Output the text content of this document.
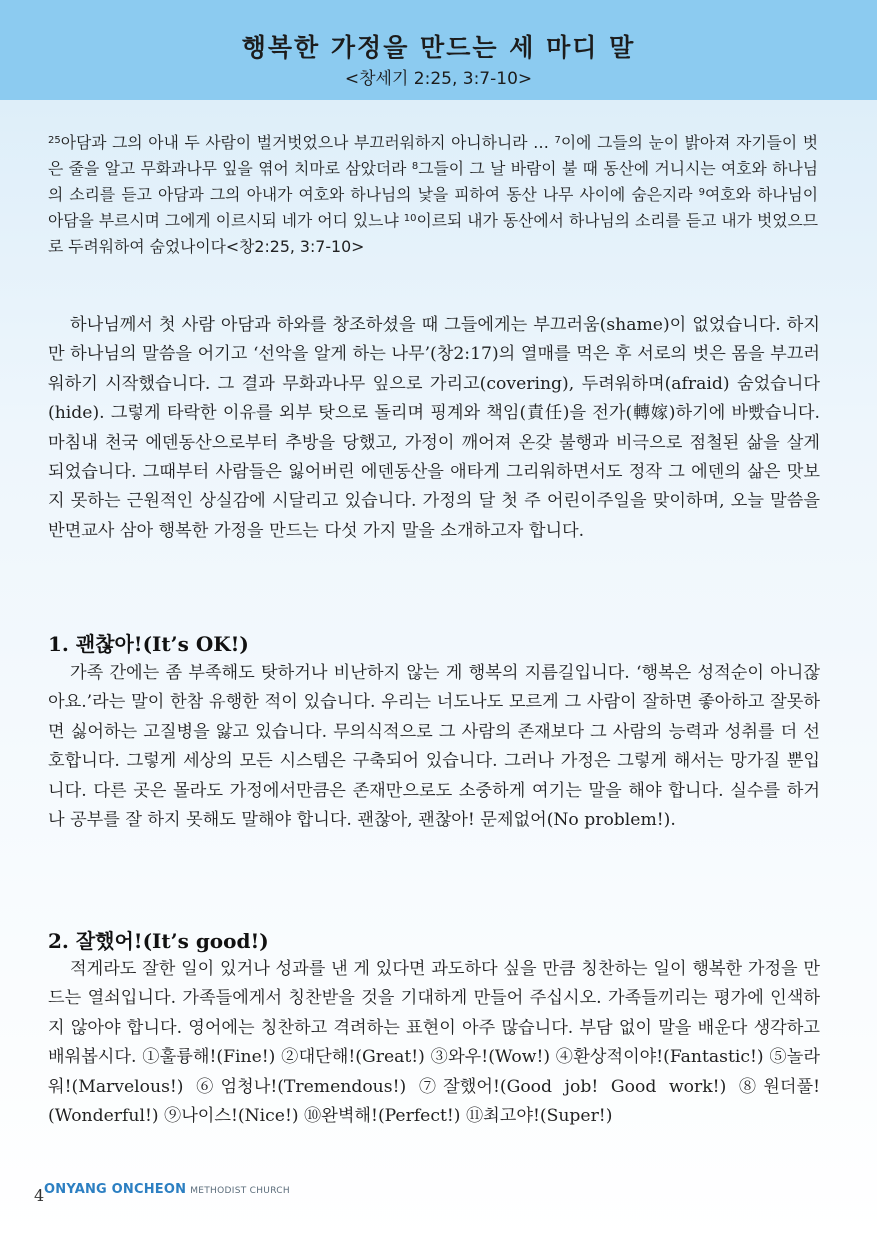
행복한 가정을 만드는 세 마디 말
<창세기 2:25, 3:7-10>
$^{25}$아담과 그의 아내 두 사람이 벌거벗었으나 부끄러워하지 아니하니라 … $^7$이에 그들의 눈이 밝아져 자기들이 벗은 줄을 알고 무화과나무 잎을 엮어 치마로 삼았더라 $^8$그들이 그 날 바람이 불 때 동산에 거니시는 여호와 하나님의 소리를 듣고 아담과 그의 아내가 여호와 하나님의 낯을 피하여 동산 나무 사이에 숨은지라 $^9$여호와 하나님이 아담을 부르시며 그에게 이르시되 네가 어디 있느냐 $^{10}$이르되 내가 동산에서 하나님의 소리를 듣고 내가 벗었으므로 두려워하여 숨었나이다<창2:25, 3:7-10>
하나님께서 첫 사람 아담과 하와를 창조하셨을 때 그들에게는 부끄러움(shame)이 없었습니다. 하지만 하나님의 말씀을 어기고 ‘선악을 알게 하는 나무’(창2:17)의 열매를 먹은 후 서로의 벗은 몸을 부끄러워하기 시작했습니다. 그 결과 무화과나무 잎으로 가리고(covering), 두려워하며(afraid) 숨었습니다(hide). 그렇게 타락한 이유를 외부 탓으로 돌리며 핑계와 책임(責任)을 전가(轉嫁)하기에 바빴습니다. 마침내 천국 에덴동산으로부터 추방을 당했고, 가정이 깨어져 온갖 불행과 비극으로 점철된 삶을 살게 되었습니다. 그때부터 사람들은 잃어버린 에덴동산을 애타게 그리워하면서도 정작 그 에덴의 삶은 맛보지 못하는 근원적인 상실감에 시달리고 있습니다. 가정의 달 첫 주 어린이주일을 맞이하며, 오늘 말씀을 반면교사 삼아 행복한 가정을 만드는 다섯 가지 말을 소개하고자 합니다.
1. 괜찮아!(It’s OK!)
가족 간에는 좀 부족해도 탓하거나 비난하지 않는 게 행복의 지름길입니다. ‘행복은 성적순이 아니잖아요.’라는 말이 한참 유행한 적이 있습니다. 우리는 너도나도 모르게 그 사람이 잘하면 좋아하고 잘못하면 싫어하는 고질병을 앓고 있습니다. 무의식적으로 그 사람의 존재보다 그 사람의 능력과 성취를 더 선호합니다. 그렇게 세상의 모든 시스템은 구축되어 있습니다. 그러나 가정은 그렇게 해서는 망가질 뿐입니다. 다른 곳은 몰라도 가정에서만큼은 존재만으로도 소중하게 여기는 말을 해야 합니다. 실수를 하거나 공부를 잘 하지 못해도 말해야 합니다. 괜찮아, 괜찮아! 문제없어(No problem!).
2. 잘했어!(It’s good!)
적게라도 잘한 일이 있거나 성과를 낸 게 있다면 과도하다 싶을 만큼 칭찬하는 일이 행복한 가정을 만드는 열쇠입니다. 가족들에게서 칭찬받을 것을 기대하게 만들어 주십시오. 가족들끼리는 평가에 인색하지 않아야 합니다. 영어에는 칭찬하고 격려하는 표현이 아주 많습니다. 부담 없이 말을 배운다 생각하고 배워봅시다. ①훌륭해!(Fine!) ②대단해!(Great!) ③와우!(Wow!) ④환상적이야!(Fantastic!) ⑤놀라워!(Marvelous!) ⑥엄청나!(Tremendous!) ⑦잘했어!(Good job! Good work!) ⑧원더풀!(Wonderful!) ⑨나이스!(Nice!) ⑩완벽해!(Perfect!) ⑪최고야!(Super!)
4 ONYANG ONCHEON METHODIST CHURCH
